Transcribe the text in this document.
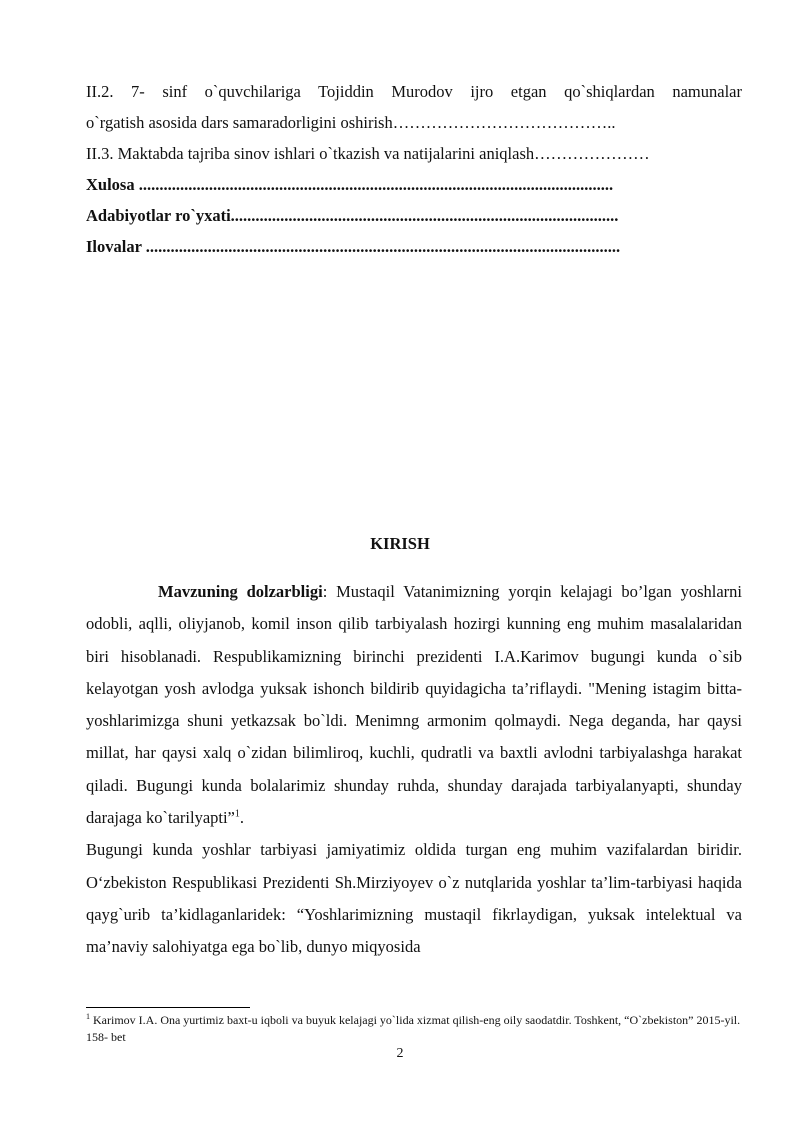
II.2. 7- sinf o`quvchilariga Tojiddin Murodov ijro etgan qo`shiqlardan namunalar
o`rgatish asosida dars samaradorligini oshirish…………………………………..
II.3. Maktabda tajriba sinov ishlari o`tkazish va natijalarini aniqlash…………………
Xulosa ...................................................................................................................
Adabiyotlar ro`yxati..............................................................................................
Ilovalar ...................................................................................................................
KIRISH

Mavzuning dolzarbligi: Mustaqil Vatanimizning yorqin kelajagi bo’lgan yoshlarni odobli, aqlli, oliyjanob, komil inson qilib tarbiyalash hozirgi kunning eng muhim masalalaridan biri hisoblanadi. Respublikamizning birinchi prezidenti I.A.Karimov bugungi kunda o`sib kelayotgan yosh avlodga yuksak ishonch bildirib quyidagicha ta’riflaydi. "Mening istagim bitta- yoshlarimizga shuni yetkazsak bo`ldi. Menimng armonim qolmaydi. Nega deganda, har qaysi millat, har qaysi xalq o`zidan bilimliroq, kuchli, qudratli va baxtli avlodni tarbiyalashga harakat qiladi. Bugungi kunda bolalarimiz shunday ruhda, shunday darajada tarbiyalanyapti, shunday darajaga ko`tarilyapti”$^1$.

Bugungi kunda yoshlar tarbiyasi jamiyatimiz oldida turgan eng muhim vazifalardan biridir. O‘zbekiston Respublikasi Prezidenti Sh.Mirziyoyev o`z nutqlarida yoshlar ta’lim-tarbiyasi haqida qayg`urib ta’kidlaganlaridek: “Yoshlarimizning mustaqil fikrlaydigan, yuksak intelektual va ma’naviy salohiyatga ega bo`lib, dunyo miqyosida

$^1$ Karimov I.A. Ona yurtimiz baxt-u iqboli va buyuk kelajagi yo`lida xizmat qilish-eng oily saodatdir. Toshkent, “O`zbekiston” 2015-yil. 158- bet
2
